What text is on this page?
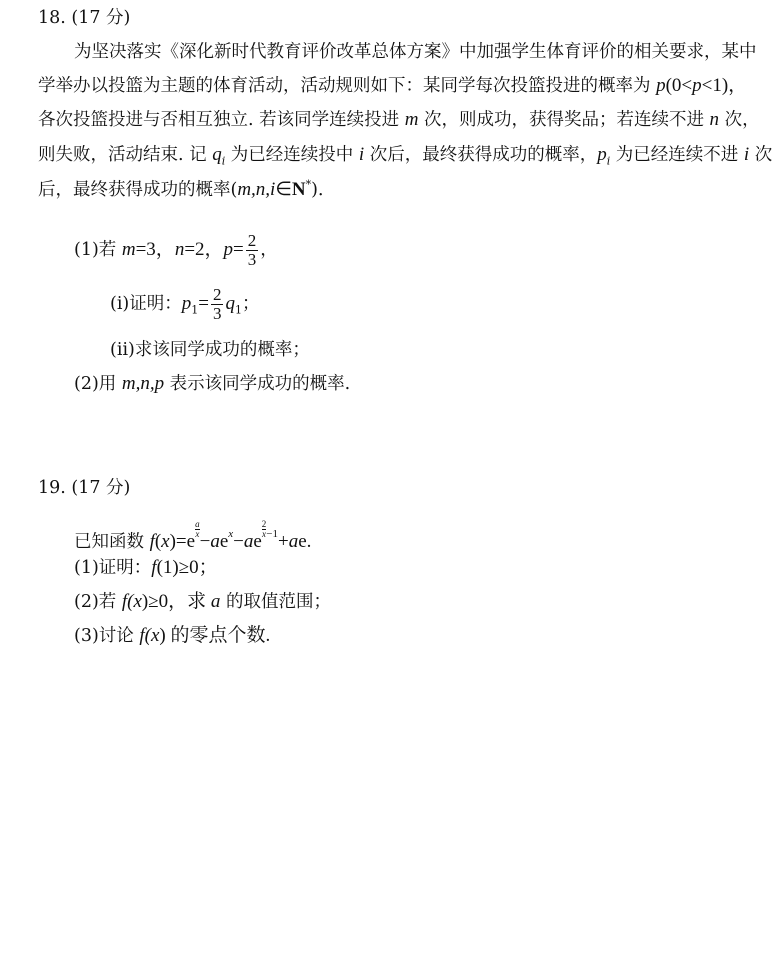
18. (17 分)
为坚决落实《深化新时代教育评价改革总体方案》中加强学生体育评价的相关要求，某中
学举办以投篮为主题的体育活动，活动规则如下：某同学每次投篮投进的概率为 p(0<p<1)，
各次投篮投进与否相互独立. 若该同学连续投进 m 次，则成功，获得奖品；若连续不进 n 次，
则失败，活动结束. 记 $q_i$ 为已经连续投中 i 次后，最终获得成功的概率，$p_i$ 为已经连续不进 i 次
后，最终获得成功的概率(m,n,i∈N*)．
(1)若 m=3，n=2，$p= \frac{2}{3}$ ，
(ⅰ)证明：$p_1= \frac{2}{3} q_1$；
(ⅱ)求该同学成功的概率；
(2)用 m,n,p 表示该同学成功的概率.
19. (17 分)
已知函数 f(x)=e
$\frac{a}{x}$
$-ae^x-ae$
$\frac{2}{x} ^{-1}+ae$.
(1)证明：f(1)≥0；
(2)若 f(x)≥0，求 a 的取值范围；
(3)讨论 f(x) 的零点个数.
